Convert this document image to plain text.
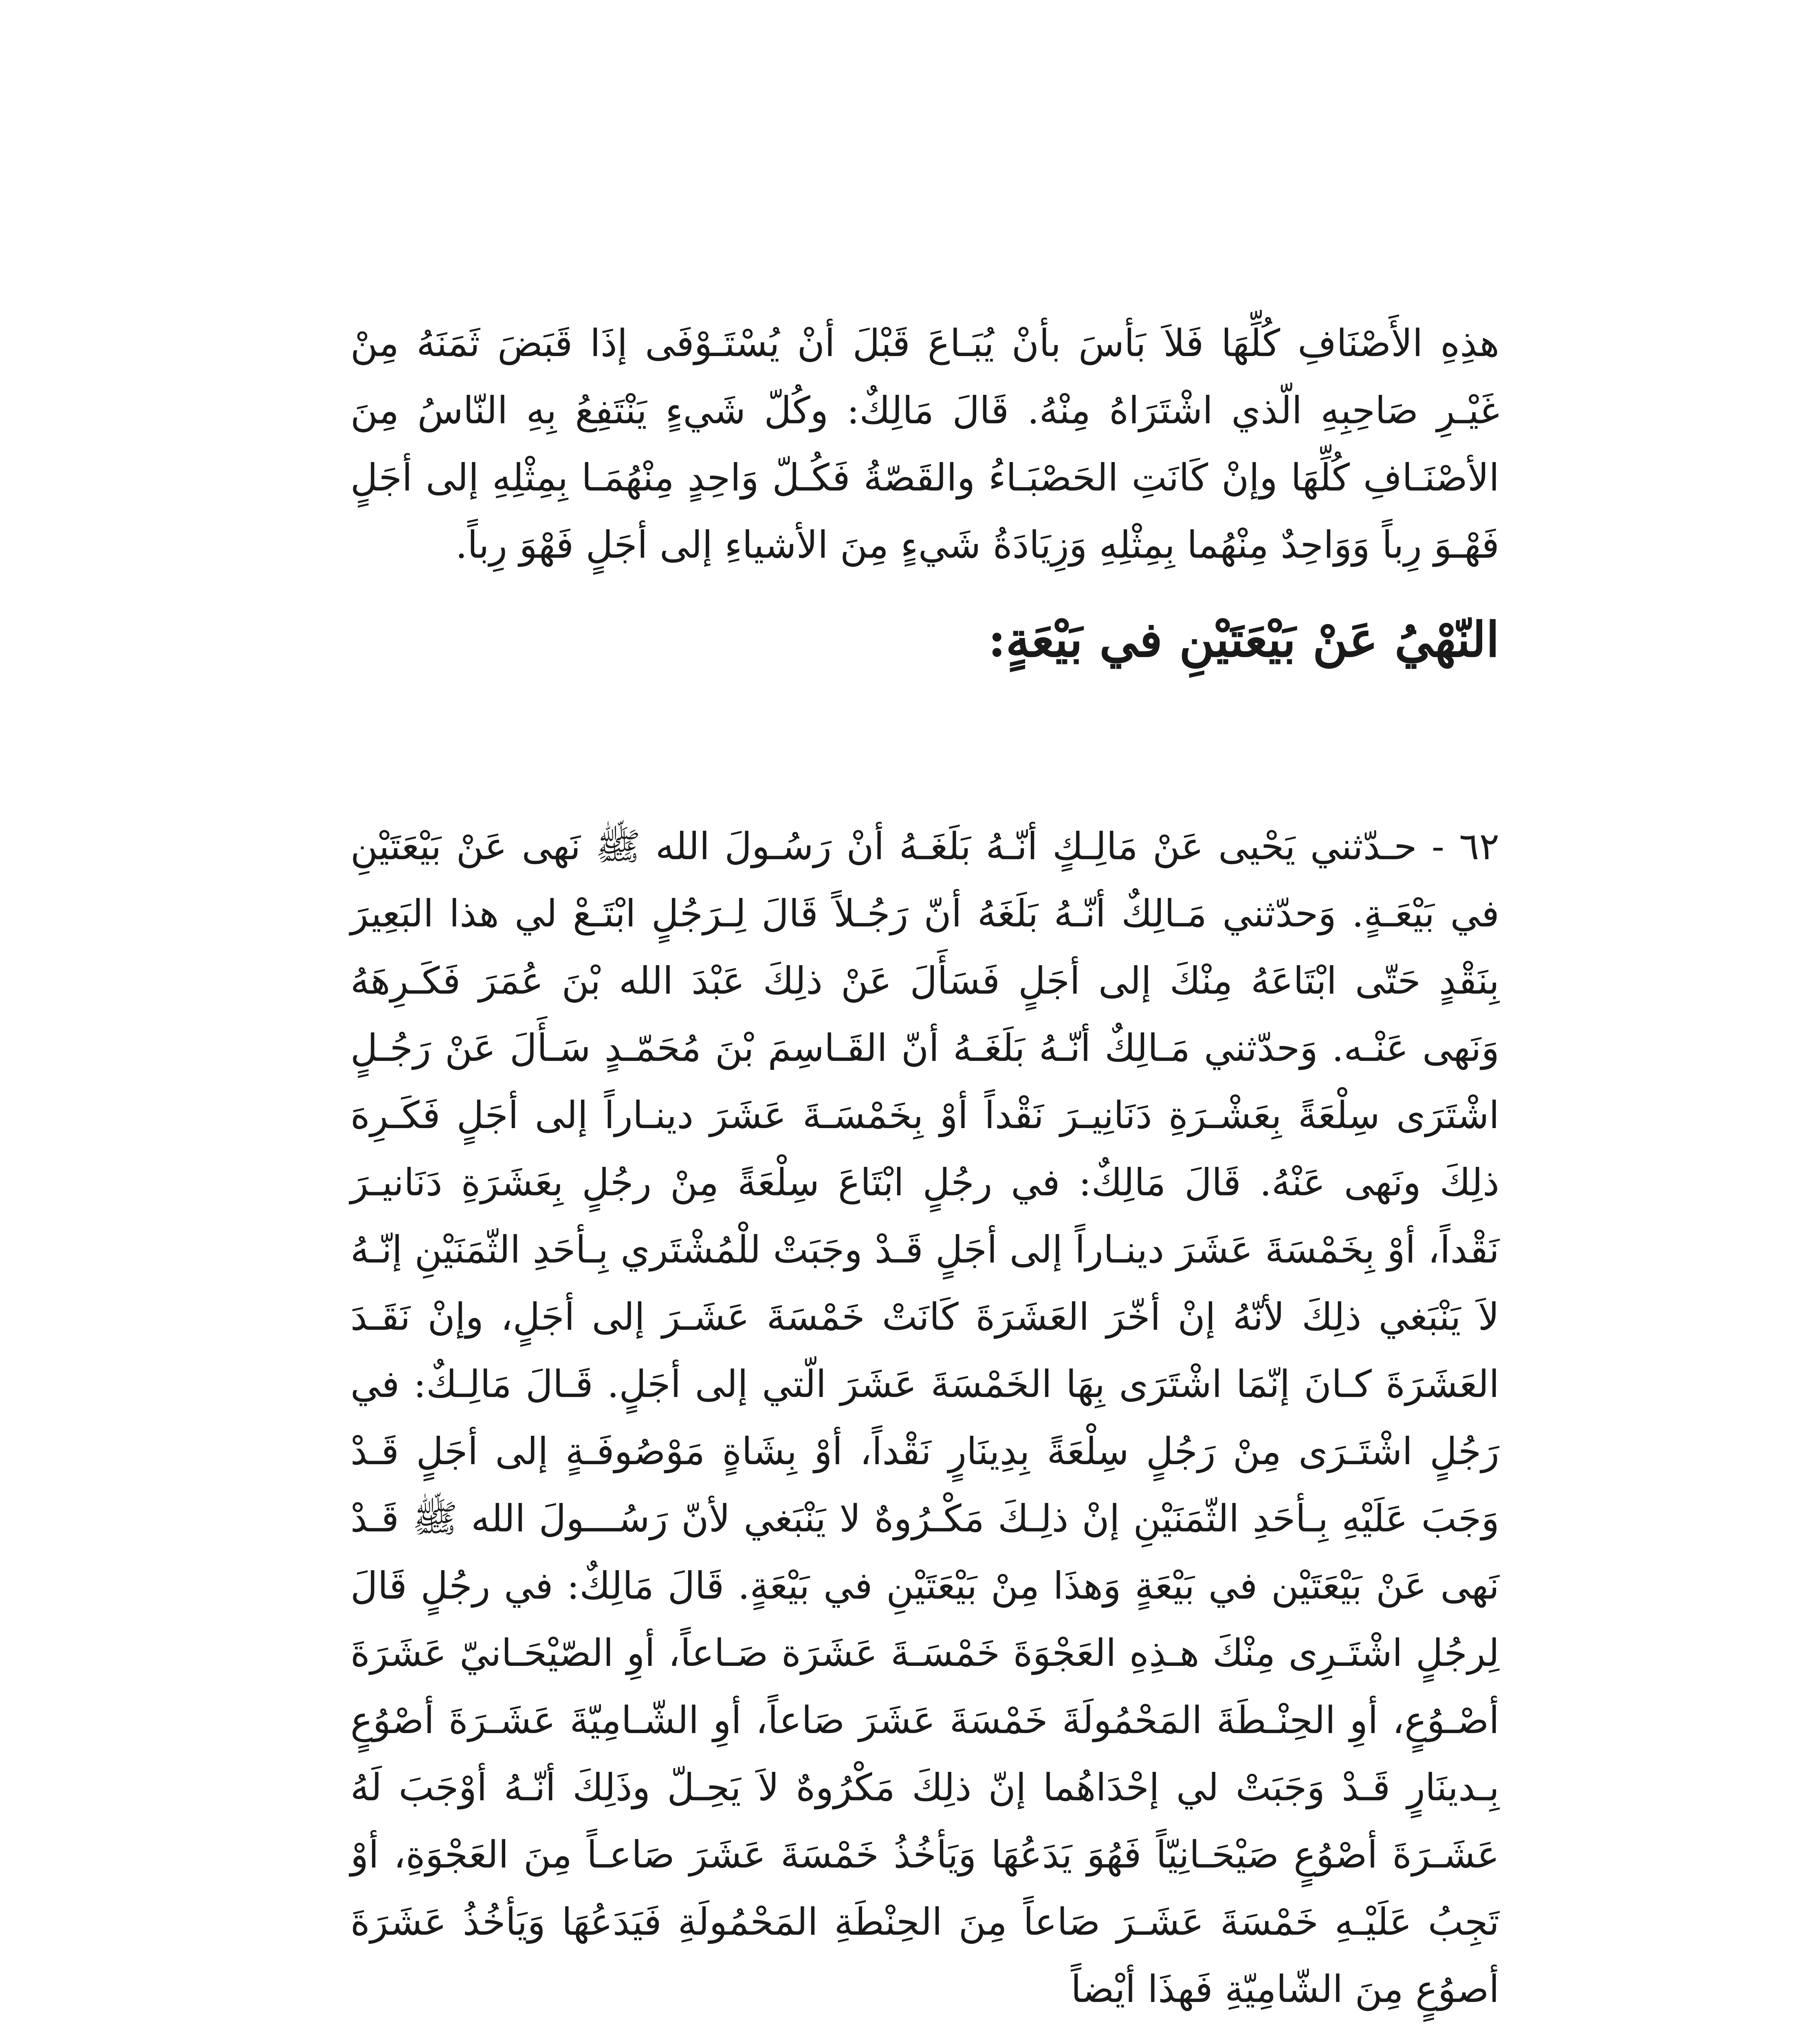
هذِهِ الأَصْنَافِ كُلِّهَا فَلاَ بَأسَ بأنْ يُبَـاعَ قَبْلَ أنْ يُسْتَـوْفَى إذَا قَبَضَ ثَمَنَهُ مِنْ غَيْـرِ صَاحِبِهِ الّذي اشْتَرَاهُ مِنْهُ. قَالَ مَالِكٌ: وكُلّ شَيءٍ يَنْتَفِعُ بِهِ النّاسُ مِنَ الأصْنَـافِ كُلِّهَا وإنْ كَانَتِ الحَصْبَـاءُ والقَصّةُ فَكُـلّ وَاحِدٍ مِنْهُمَـا بِمِثْلِهِ إلى أجَلٍ فَهْـوَ رِباً وَوَاحِدٌ مِنْهُما بِمِثْلِهِ وَزِيَادَةُ شَيءٍ مِنَ الأشياءِ إلى أجَلٍ فَهْوَ رِباً.

النّهْيُ عَنْ بَيْعَتَيْنِ في بَيْعَةٍ:

٦٢ - حـدّثني يَحْيى عَنْ مَالِـكٍ أنّـهُ بَلَغَـهُ أنْ رَسُـولَ الله ﷺ نَهى عَنْ بَيْعَتَيْنِ في بَيْعَـةٍ. وَحدّثني مَـالِكٌ أنّـهُ بَلَغَهُ أنّ رَجُـلاً قَالَ لِـرَجُلٍ ابْتَـعْ لي هذا البَعِيرَ بِنَقْدٍ حَتّى ابْتَاعَهُ مِنْكَ إلى أجَلٍ فَسَأَلَ عَنْ ذلِكَ عَبْدَ الله بْنَ عُمَرَ فَكَـرِهَهُ وَنَهى عَنْـه. وَحدّثني مَـالِكٌ أنّـهُ بَلَغَـهُ أنّ القَـاسِمَ بْنَ مُحَمّـدٍ سَـأَلَ عَنْ رَجُـلٍ اشْتَرَى سِلْعَةً بِعَشْـرَةِ دَنَانِيـرَ نَقْداً أوْ بِخَمْسَـةَ عَشَرَ دينـاراً إلى أجَلٍ فَكَـرِهَ ذلِكَ ونَهى عَنْهُ. قَالَ مَالِكٌ: في رجُلٍ ابْتَاعَ سِلْعَةً مِنْ رجُلٍ بِعَشَرَةِ دَنَانيـرَ نَقْداً، أوْ بِخَمْسَةَ عَشَرَ دينـاراً إلى أجَلٍ قَـدْ وجَبَتْ للْمُشْتَري بِـأحَدِ الثّمَنَيْنِ إنّـهُ لاَ يَنْبَغي ذلِكَ لأنّهُ إنْ أخّرَ العَشَرَةَ كَانَتْ خَمْسَةَ عَشَـرَ إلى أجَلٍ، وإنْ نَقَـدَ العَشَرَةَ كـانَ إنّمَا اشْتَرَى بِهَا الخَمْسَةَ عَشَرَ الّتي إلى أجَلٍ. قَـالَ مَالِـكٌ: في رَجُلٍ اشْتَـرَى مِنْ رَجُلٍ سِلْعَةً بِدِينَارٍ نَقْداً، أوْ بِشَاةٍ مَوْصُوفَـةٍ إلى أجَلٍ قَـدْ وَجَبَ عَلَيْهِ بِـأحَدِ الثّمَنَيْنِ إنْ ذلِـكَ مَكْـرُوهٌ لا يَنْبَغي لأنّ رَسُـــولَ الله ﷺ قَـدْ نَهى عَنْ بَيْعَتَيْن في بَيْعَةٍ وَهذَا مِنْ بَيْعَتَيْنِ في بَيْعَةٍ. قَالَ مَالِكٌ: في رجُلٍ قَالَ لِرجُلٍ اشْتَـرِى مِنْكَ هـذِهِ العَجْوَةَ خَمْسَـةَ عَشَرَة صَـاعاً، أوِ الصّيْحَـانيّ عَشَرَةَ أصْـوُعٍ، أوِ الحِنْـطَةَ المَحْمُولَةَ خَمْسَةَ عَشَرَ صَاعاً، أوِ الشّـامِيّةَ عَشَـرَةَ أصْوُعٍ بِـدينَارٍ قَـدْ وَجَبَتْ لي إحْدَاهُما إنّ ذلِكَ مَكْرُوهٌ لاَ يَحِـلّ وذَلِكَ أنّـهُ أوْجَبَ لَهُ عَشَـرَةَ أصْوُعٍ صَيْحَـانِيّاً فَهُوَ يَدَعُهَا وَيَأخُذُ خَمْسَةَ عَشَرَ صَاعـاً مِنَ العَجْوَةِ، أوْ تَجِبُ عَلَيْـهِ خَمْسَةَ عَشَـرَ صَاعاً مِنَ الحِنْطَةِ المَحْمُولَةِ فَيَدَعُهَا وَيَأخُذُ عَشَرَةَ أصوُعٍ مِنَ الشّامِيّةِ فَهذَا أيْضاً
